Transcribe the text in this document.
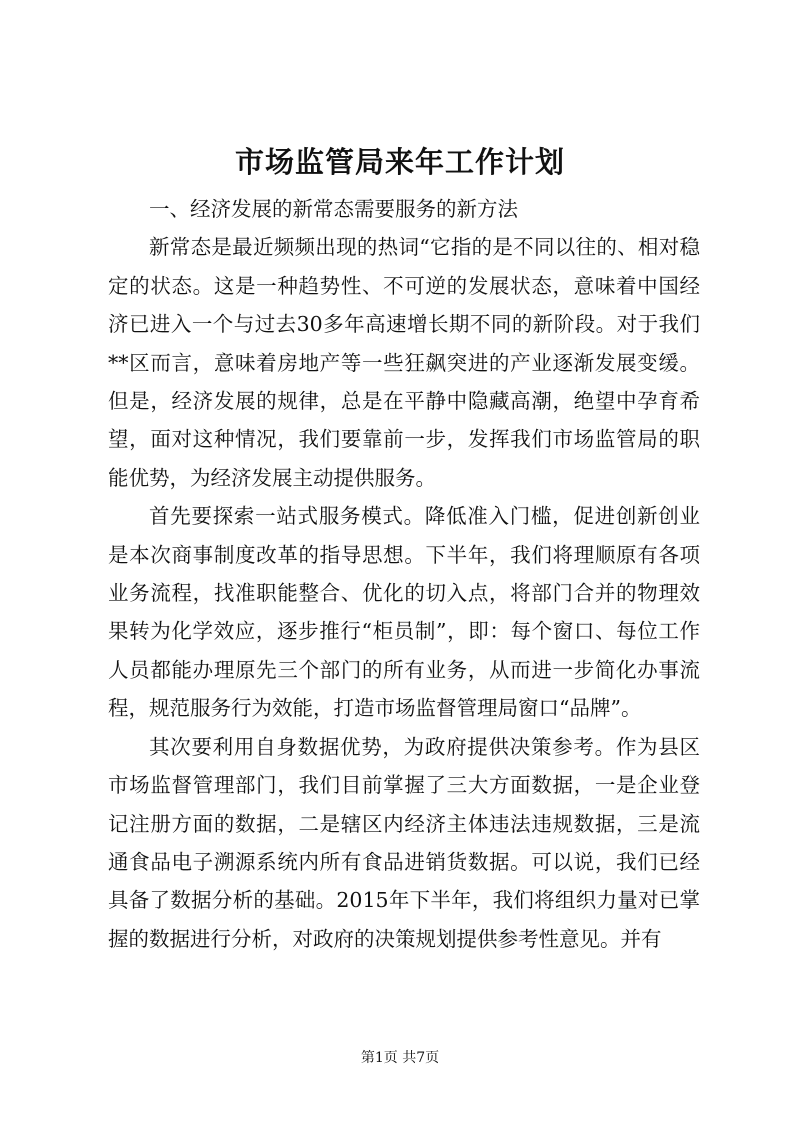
市场监管局来年工作计划

一、经济发展的新常态需要服务的新方法

新常态是最近频频出现的热词“它指的是不同以往的、相对稳定的状态。这是一种趋势性、不可逆的发展状态，意味着中国经济已进入一个与过去30多年高速增长期不同的新阶段。对于我们**区而言，意味着房地产等一些狂飙突进的产业逐渐发展变缓。但是，经济发展的规律，总是在平静中隐藏高潮，绝望中孕育希望，面对这种情况，我们要靠前一步，发挥我们市场监管局的职能优势，为经济发展主动提供服务。

首先要探索一站式服务模式。降低准入门槛，促进创新创业是本次商事制度改革的指导思想。下半年，我们将理顺原有各项业务流程，找准职能整合、优化的切入点，将部门合并的物理效果转为化学效应，逐步推行“柜员制”，即：每个窗口、每位工作人员都能办理原先三个部门的所有业务，从而进一步简化办事流程，规范服务行为效能，打造市场监督管理局窗口“品牌”。

其次要利用自身数据优势，为政府提供决策参考。作为县区市场监督管理部门，我们目前掌握了三大方面数据，一是企业登记注册方面的数据，二是辖区内经济主体违法违规数据，三是流通食品电子溯源系统内所有食品进销货数据。可以说，我们已经具备了数据分析的基础。2015年下半年，我们将组织力量对已掌握的数据进行分析，对政府的决策规划提供参考性意见。并有

第1页 共7页
